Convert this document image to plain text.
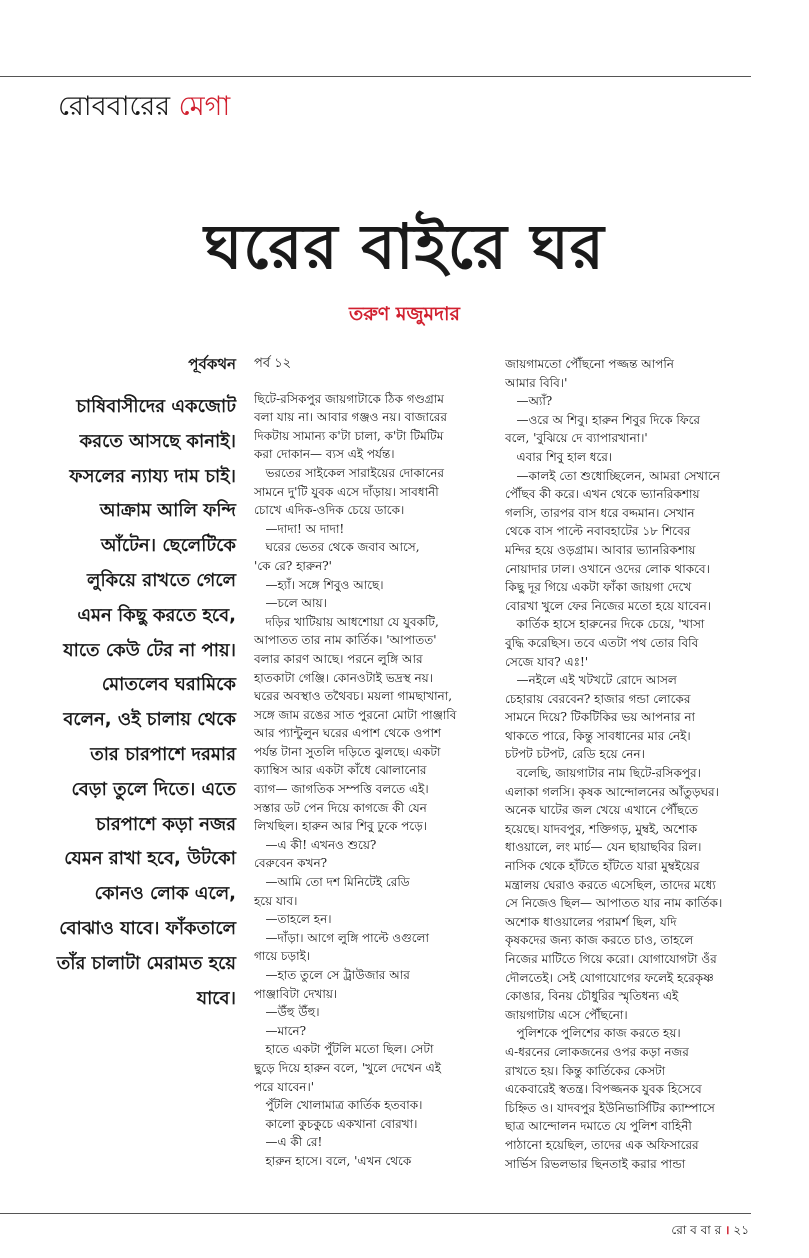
রোববারের মেগা
ঘরের বাইরে ঘর
তরুণ মজুমদার
পূর্বকথন

চাষিবাসীদের একজোট করতে আসছে কানাই। ফসলের ন্যায্য দাম চাই। আক্রাম আলি ফন্দি আঁটেন। ছেলেটিকে লুকিয়ে রাখতে গেলে এমন কিছু করতে হবে, যাতে কেউ টের না পায়। মোতলেব ঘরামিকে বলেন, ওই চালায় থেকে তার চারপাশে দরমার বেড়া তুলে দিতে। এতে চারপাশে কড়া নজর যেমন রাখা হবে, উটকো কোনও লোক এলে, বোঝাও যাবে। ফাঁকতালে তাঁর চালাটা মেরামত হয়ে যাবে।

পর্ব ১২
ছিটে-রসিকপুর জায়গাটাকে ঠিক গণ্ডগ্রাম
বলা যায় না। আবার গঞ্জও নয়। বাজারের
দিকটায় সামান্য ক'টা চালা, ক'টা টিমটিম
করা দোকান— ব্যস এই পর্যন্ত।
ভরতের সাইকেল সারাইয়ের দোকানের
সামনে দু'টি যুবক এসে দাঁড়ায়। সাবধানী
চোখে এদিক-ওদিক চেয়ে ডাকে।
—দাদা! অ দাদা!
ঘরের ভেতর থেকে জবাব আসে,
'কে রে? হারুন?'
—হ্যাঁ। সঙ্গে শিবুও আছে।
—চলে আয়।
দড়ির খাটিয়ায় আধশোয়া যে যুবকটি,
আপাতত তার নাম কার্তিক। 'আপাতত'
বলার কারণ আছে। পরনে লুঙ্গি আর
হাতকাটা গেঞ্জি। কোনওটাই ভদ্রস্থ নয়।
ঘরের অবস্থাও তথৈবচ। ময়লা গামছাখানা,
সঙ্গে জাম রঙের সাত পুরনো মোটা পাঞ্জাবি
আর প্যান্টুলুন ঘরের এপাশ থেকে ওপাশ
পর্যন্ত টানা সুতলি দড়িতে ঝুলছে। একটা
ক্যাম্বিস আর একটা কাঁধে ঝোলানোর
ব্যাগ— জাগতিক সম্পত্তি বলতে এই।
সস্তার ডট পেন দিয়ে কাগজে কী যেন
লিখছিল। হারুন আর শিবু ঢুকে পড়ে।
—এ কী! এখনও শুয়ে?
বেরুবেন কখন?
—আমি তো দশ মিনিটেই রেডি
হয়ে যাব।
—তাহলে হন।
—দাঁড়া। আগে লুঙ্গি পাল্টে ওগুলো
গায়ে চড়াই।
—হাত তুলে সে ট্রাউজার আর
পাঞ্জাবিটা দেখায়।
—উঁহু উঁহু।
—মানে?
হাতে একটা পুঁটলি মতো ছিল। সেটা
ছুড়ে দিয়ে হারুন বলে, 'খুলে দেখেন এই
পরে যাবেন।'
পুঁটলি খোলামাত্র কার্তিক হতবাক।
কালো কুচকুচে একখানা বোরখা।
—এ কী রে!
হারুন হাসে। বলে, 'এখন থেকে
জায়গামতো পৌঁছনো পজ্জন্ত আপনি
আমার বিবি।'
—অ্যাঁ?
—ওরে অ শিবু। হারুন শিবুর দিকে ফিরে
বলে, 'বুঝিয়ে দে ব্যাপারখানা।'
এবার শিবু হাল ধরে।
—কালই তো শুধোচ্ছিলেন, আমরা সেখানে
পৌঁছব কী করে। এখন থেকে ভ্যানরিকশায়
গলসি, তারপর বাস ধরে বদ্দমান। সেখান
থেকে বাস পাল্টে নবাবহাটের ১৮ শিবের
মন্দির হয়ে ওড়গ্রাম। আবার ভ্যানরিকশায়
নোয়াদার ঢাল। ওখানে ওদের লোক থাকবে।
কিছু দূর গিয়ে একটা ফাঁকা জায়গা দেখে
বোরখা খুলে ফের নিজের মতো হয়ে যাবেন।
কার্তিক হাসে হারুনের দিকে চেয়ে, 'খাসা
বুদ্ধি করেছিস। তবে এতটা পথ তোর বিবি
সেজে যাব? এঃ!'
—নইলে এই খটখটে রোদে আসল
চেহারায় বেরবেন? হাজার গন্ডা লোকের
সামনে দিয়ে? টিকটিকির ভয় আপনার না
থাকতে পারে, কিন্তু সাবধানের মার নেই।
চটপট চটপট, রেডি হয়ে নেন।
বলেছি, জায়গাটার নাম ছিটে-রসিকপুর।
এলাকা গলসি। কৃষক আন্দোলনের আঁতুড়ঘর।
অনেক ঘাটের জল খেয়ে এখানে পৌঁছতে
হয়েছে। যাদবপুর, শক্তিগড়, মুম্বই, অশোক
ধাওয়ালে, লং মার্চ— যেন ছায়াছবির রিল।
নাসিক থেকে হাঁটতে হাঁটতে যারা মুম্বইয়ের
মন্ত্রালয় ঘেরাও করতে এসেছিল, তাদের মধ্যে
সে নিজেও ছিল— আপাতত যার নাম কার্তিক।
অশোক ধাওয়ালের পরামর্শ ছিল, যদি
কৃষকদের জন্য কাজ করতে চাও, তাহলে
নিজের মাটিতে গিয়ে করো। যোগাযোগটা ওঁর
দৌলতেই। সেই যোগাযোগের ফলেই হরেকৃষ্ণ
কোঙার, বিনয় চৌধুরির স্মৃতিধন্য এই
জায়গাটায় এসে পৌঁছনো।
পুলিশকে পুলিশের কাজ করতে হয়।
এ-ধরনের লোকজনের ওপর কড়া নজর
রাখতে হয়। কিন্তু কার্তিকের কেসটা
একেবারেই স্বতন্ত্র। বিপজ্জনক যুবক হিসেবে
চিহ্নিত ও। যাদবপুর ইউনিভার্সিটির ক্যাম্পাসে
ছাত্র আন্দোলন দমাতে যে পুলিশ বাহিনী
পাঠানো হয়েছিল, তাদের এক অফিসারের
সার্ভিস রিভলভার ছিনতাই করার পান্ডা
রো ব বা র । ২১
